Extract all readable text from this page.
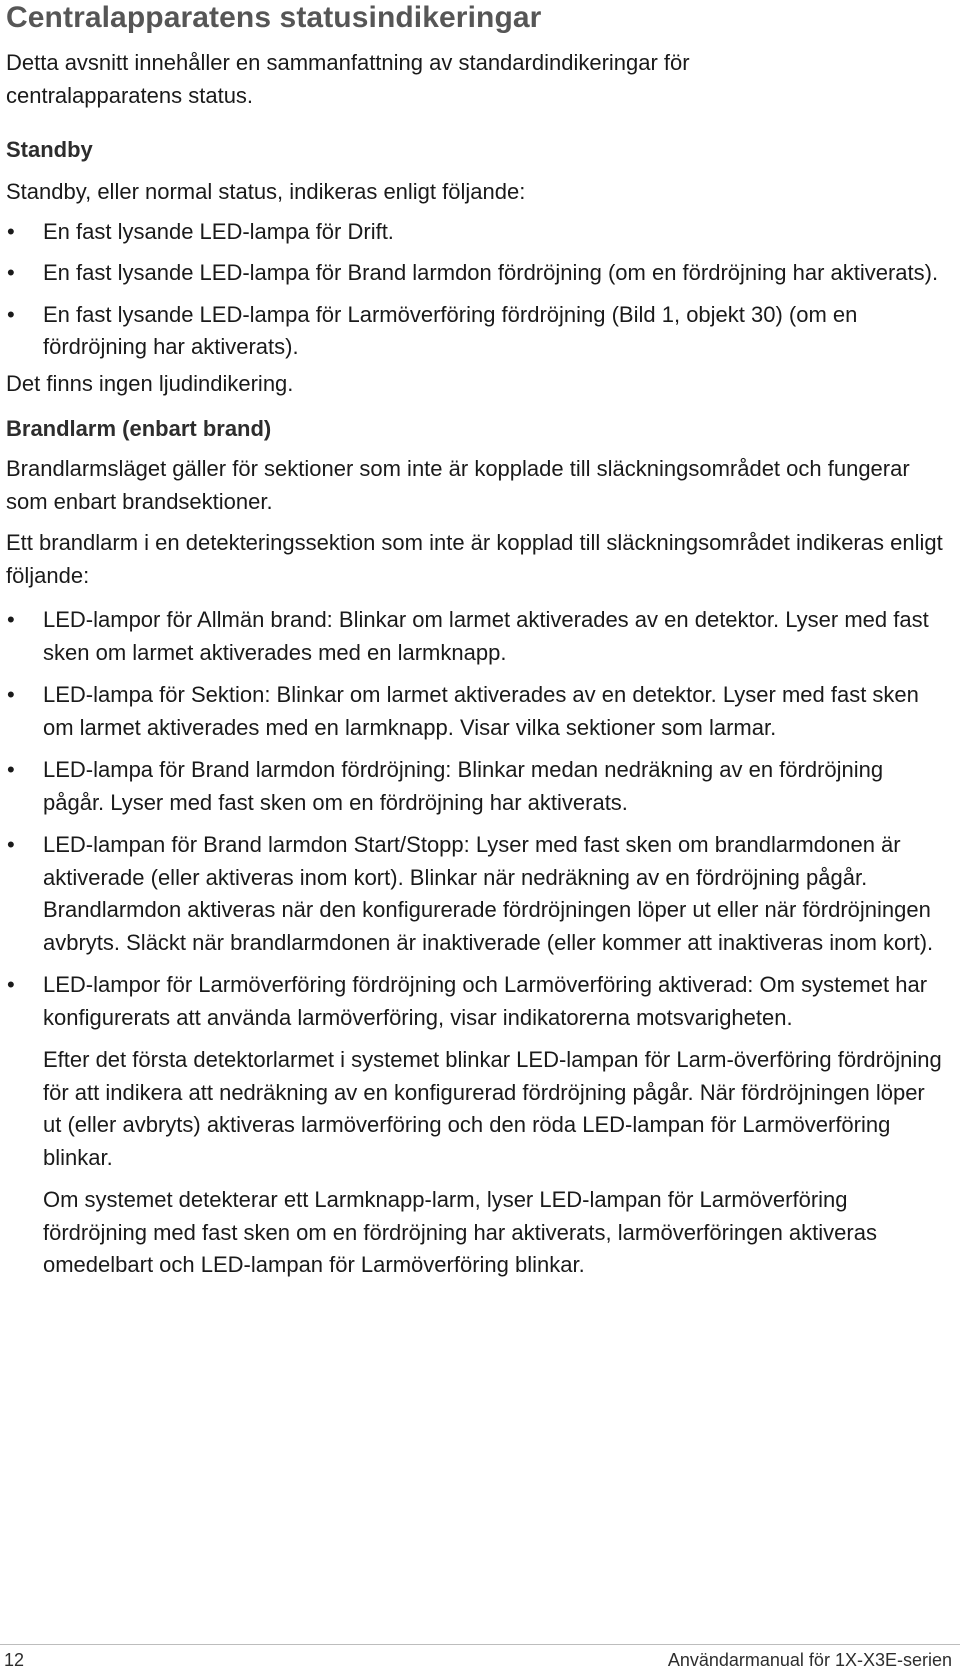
Centralapparatens statusindikeringar

Detta avsnitt innehåller en sammanfattning av standardindikeringar för centralapparatens status.

Standby

Standby, eller normal status, indikeras enligt följande:

• En fast lysande LED-lampa för Drift.
• En fast lysande LED-lampa för Brand larmdon fördröjning (om en fördröjning har aktiverats).
• En fast lysande LED-lampa för Larmöverföring fördröjning (Bild 1, objekt 30) (om en fördröjning har aktiverats).

Det finns ingen ljudindikering.

Brandlarm (enbart brand)

Brandlarmsläget gäller för sektioner som inte är kopplade till släckningsområdet och fungerar som enbart brandsektioner.

Ett brandlarm i en detekteringssektion som inte är kopplad till släckningsområdet indikeras enligt följande:

• LED-lampor för Allmän brand: Blinkar om larmet aktiverades av en detektor. Lyser med fast sken om larmet aktiverades med en larmknapp.
• LED-lampa för Sektion: Blinkar om larmet aktiverades av en detektor. Lyser med fast sken om larmet aktiverades med en larmknapp. Visar vilka sektioner som larmar.
• LED-lampa för Brand larmdon fördröjning: Blinkar medan nedräkning av en fördröjning pågår. Lyser med fast sken om en fördröjning har aktiverats.
• LED-lampan för Brand larmdon Start/Stopp: Lyser med fast sken om brandlarmdonen är aktiverade (eller aktiveras inom kort). Blinkar när nedräkning av en fördröjning pågår. Brandlarmdon aktiveras när den konfigurerade fördröjningen löper ut eller när fördröjningen avbryts. Släckt när brandlarmdonen är inaktiverade (eller kommer att inaktiveras inom kort).
• LED-lampor för Larmöverföring fördröjning och Larmöverföring aktiverad: Om systemet har konfigurerats att använda larmöverföring, visar indikatorerna motsvarigheten.

Efter det första detektorlarmet i systemet blinkar LED-lampan för Larm-överföring fördröjning för att indikera att nedräkning av en konfigurerad fördröjning pågår. När fördröjningen löper ut (eller avbryts) aktiveras larmöverföring och den röda LED-lampan för Larmöverföring blinkar.

Om systemet detekterar ett Larmknapp-larm, lyser LED-lampan för Larmöverföring fördröjning med fast sken om en fördröjning har aktiverats, larmöverföringen aktiveras omedelbart och LED-lampan för Larmöverföring blinkar.

12	Användarmanual för 1X-X3E-serien
